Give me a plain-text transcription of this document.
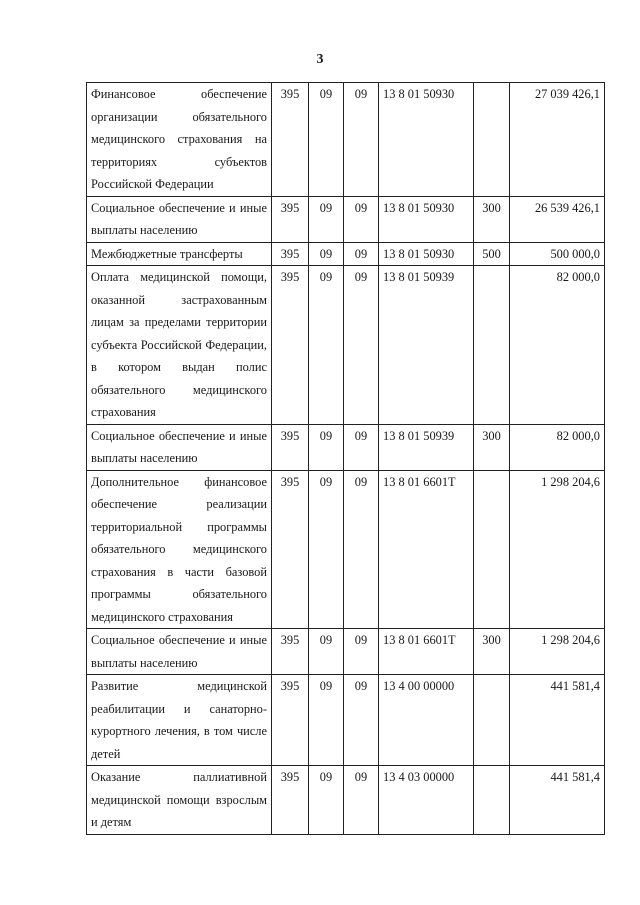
3
Финансовое обеспечение организации обязательного медицинского страхования на территориях субъектов Российской Федерации	395	09	09	13 8 01 50930		27 039 426,1
Социальное обеспечение и иные выплаты населению	395	09	09	13 8 01 50930	300	26 539 426,1
Межбюджетные трансферты	395	09	09	13 8 01 50930	500	500 000,0
Оплата медицинской помощи, оказанной застрахованным лицам за пределами территории субъекта Российской Федерации, в котором выдан полис обязательного медицинского страхования	395	09	09	13 8 01 50939		82 000,0
Социальное обеспечение и иные выплаты населению	395	09	09	13 8 01 50939	300	82 000,0
Дополнительное финансовое обеспечение реализации территориальной программы обязательного медицинского страхования в части базовой программы обязательного медицинского страхования	395	09	09	13 8 01 6601Т		1 298 204,6
Социальное обеспечение и иные выплаты населению	395	09	09	13 8 01 6601Т	300	1 298 204,6
Развитие медицинской реабилитации и санаторно-курортного лечения, в том числе детей	395	09	09	13 4 00 00000		441 581,4
Оказание паллиативной медицинской помощи взрослым и детям	395	09	09	13 4 03 00000		441 581,4
